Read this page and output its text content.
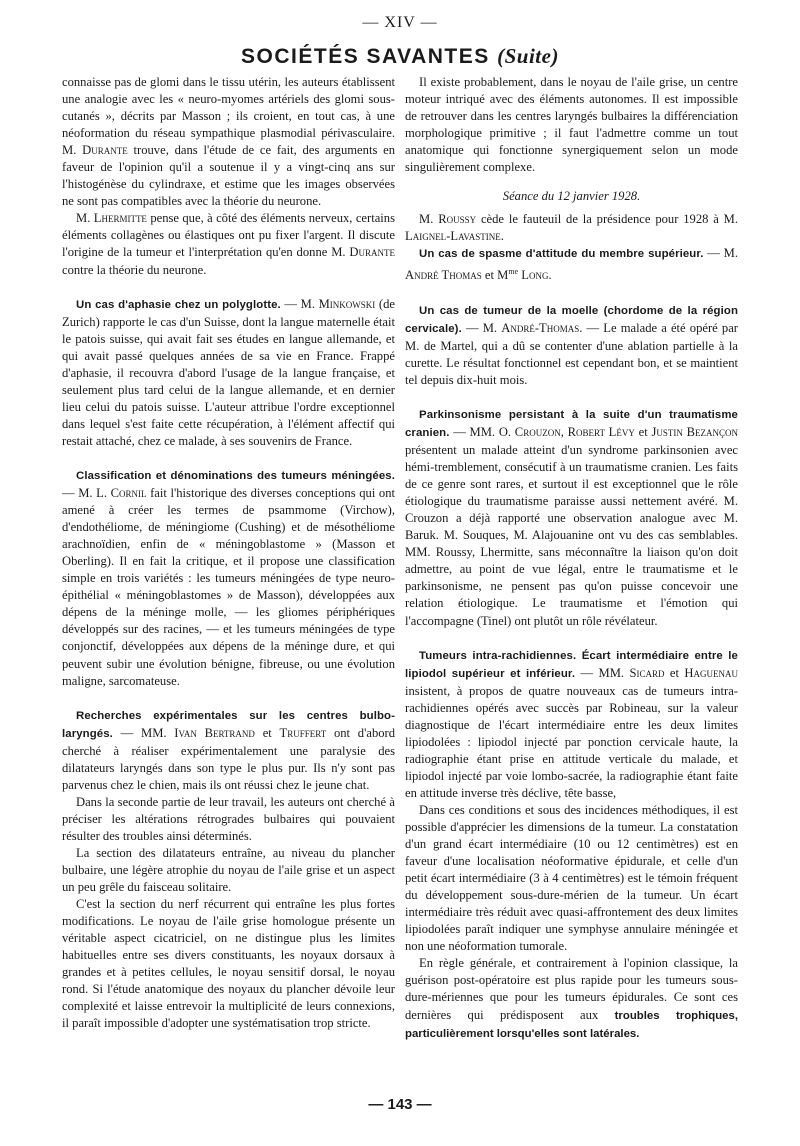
— XIV —
SOCIÉTÉS SAVANTES (Suite)

connaisse pas de glomi dans le tissu utérin, les auteurs établissent une analogie avec les « neuro-myomes artériels des glomi sous-cutanés », décrits par Masson ; ils croient, en tout cas, à une néoformation du réseau sympathique plasmodial périvasculaire. M. Durante trouve, dans l'étude de ce fait, des arguments en faveur de l'opinion qu'il a soutenue il y a vingt-cinq ans sur l'histogénèse du cylindraxe, et estime que les images observées ne sont pas compatibles avec la théorie du neurone.

M. Lhermitte pense que, à côté des éléments nerveux, certains éléments collagènes ou élastiques ont pu fixer l'argent. Il discute l'origine de la tumeur et l'interprétation qu'en donne M. Durante contre la théorie du neurone.

Un cas d'aphasie chez un polyglotte. — M. Minkowski (de Zurich) rapporte le cas d'un Suisse, dont la langue maternelle était le patois suisse, qui avait fait ses études en langue allemande, et qui avait passé quelques années de sa vie en France. Frappé d'aphasie, il recouvra d'abord l'usage de la langue française, et seulement plus tard celui de la langue allemande, et en dernier lieu celui du patois suisse. L'auteur attribue l'ordre exceptionnel dans lequel s'est faite cette récupération, à l'élément affectif qui restait attaché, chez ce malade, à ses souvenirs de France.

Classification et dénominations des tumeurs méningées. — M. L. Cornil fait l'historique des diverses conceptions qui ont amené à créer les termes de psammome (Virchow), d'endothéliome, de méningiome (Cushing) et de mésothéliome arachnoïdien, enfin de « méningoblastome » (Masson et Oberling). Il en fait la critique, et il propose une classification simple en trois variétés : les tumeurs méningées de type neuro-épithélial « méningoblastomes » de Masson), développées aux dépens de la méninge molle, — les gliomes périphériques développés sur des racines, — et les tumeurs méningées de type conjonctif, développées aux dépens de la méninge dure, et qui peuvent subir une évolution bénigne, fibreuse, ou une évolution maligne, sarcomateuse.

Recherches expérimentales sur les centres bulbo-laryngés. — MM. Ivan Bertrand et Truffert ont d'abord cherché à réaliser expérimentalement une paralysie des dilatateurs laryngés dans son type le plus pur. Ils n'y sont pas parvenus chez le chien, mais ils ont réussi chez le jeune chat.

Dans la seconde partie de leur travail, les auteurs ont cherché à préciser les altérations rétrogrades bulbaires qui pouvaient résulter des troubles ainsi déterminés.

La section des dilatateurs entraîne, au niveau du plancher bulbaire, une légère atrophie du noyau de l'aile grise et un aspect un peu grêle du faisceau solitaire.

C'est la section du nerf récurrent qui entraîne les plus fortes modifications. Le noyau de l'aile grise homologue présente un véritable aspect cicatriciel, on ne distingue plus les limites habituelles entre ses divers constituants, les noyaux dorsaux à grandes et à petites cellules, le noyau sensitif dorsal, le noyau rond. Si l'étude anatomique des noyaux du plancher dévoile leur complexité et laisse entrevoir la multiplicité de leurs connexions, il paraît impossible d'adopter une systématisation trop stricte.

Il existe probablement, dans le noyau de l'aile grise, un centre moteur intriqué avec des éléments autonomes. Il est impossible de retrouver dans les centres laryngés bulbaires la différenciation morphologique primitive ; il faut l'admettre comme un tout anatomique qui fonctionne synergiquement selon un mode singulièrement complexe.

Séance du 12 janvier 1928.

M. Roussy cède le fauteuil de la présidence pour 1928 à M. Laignel-Lavastine.

Un cas de spasme d'attitude du membre supérieur. — M. André Thomas et $M^{me}$ Long.

Un cas de tumeur de la moelle (chordome de la région cervicale). — M. André-Thomas. — Le malade a été opéré par M. de Martel, qui a dû se contenter d'une ablation partielle à la curette. Le résultat fonctionnel est cependant bon, et se maintient tel depuis dix-huit mois.

Parkinsonisme persistant à la suite d'un traumatisme cranien. — MM. O. Crouzon, Robert Lévy et Justin Bezançon présentent un malade atteint d'un syndrome parkinsonien avec hémi-tremblement, consécutif à un traumatisme cranien. Les faits de ce genre sont rares, et surtout il est exceptionnel que le rôle étiologique du traumatisme paraisse aussi nettement avéré. M. Crouzon a déjà rapporté une observation analogue avec M. Baruk. M. Souques, M. Alajouanine ont vu des cas semblables. MM. Roussy, Lhermitte, sans méconnaître la liaison qu'on doit admettre, au point de vue légal, entre le traumatisme et le parkinsonisme, ne pensent pas qu'on puisse concevoir une relation étiologique. Le traumatisme et l'émotion qui l'accompagne (Tinel) ont plutôt un rôle révélateur.

Tumeurs intra-rachidiennes. Écart intermédiaire entre le lipiodol supérieur et inférieur. — MM. Sicard et Haguenau insistent, à propos de quatre nouveaux cas de tumeurs intra-rachidiennes opérés avec succès par Robineau, sur la valeur diagnostique de l'écart intermédiaire entre les deux limites lipiodolées : lipiodol injecté par ponction cervicale haute, la radiographie étant prise en attitude verticale du malade, et lipiodol injecté par voie lombo-sacrée, la radiographie étant faite en attitude inverse très déclive, tête basse,

Dans ces conditions et sous des incidences méthodiques, il est possible d'apprécier les dimensions de la tumeur. La constatation d'un grand écart intermédiaire (10 ou 12 centimètres) est en faveur d'une localisation néoformative épidurale, et celle d'un petit écart intermédiaire (3 à 4 centimètres) est le témoin fréquent du développement sous-dure-mérien de la tumeur. Un écart intermédiaire très réduit avec quasi-affrontement des deux limites lipiodolées paraît indiquer une symphyse annulaire méningée et non une néoformation tumorale.

En règle générale, et contrairement à l'opinion classique, la guérison post-opératoire est plus rapide pour les tumeurs sous-dure-mériennes que pour les tumeurs épidurales. Ce sont ces dernières qui prédisposent aux troubles trophiques, particulièrement lorsqu'elles sont latérales.

— 143 —
